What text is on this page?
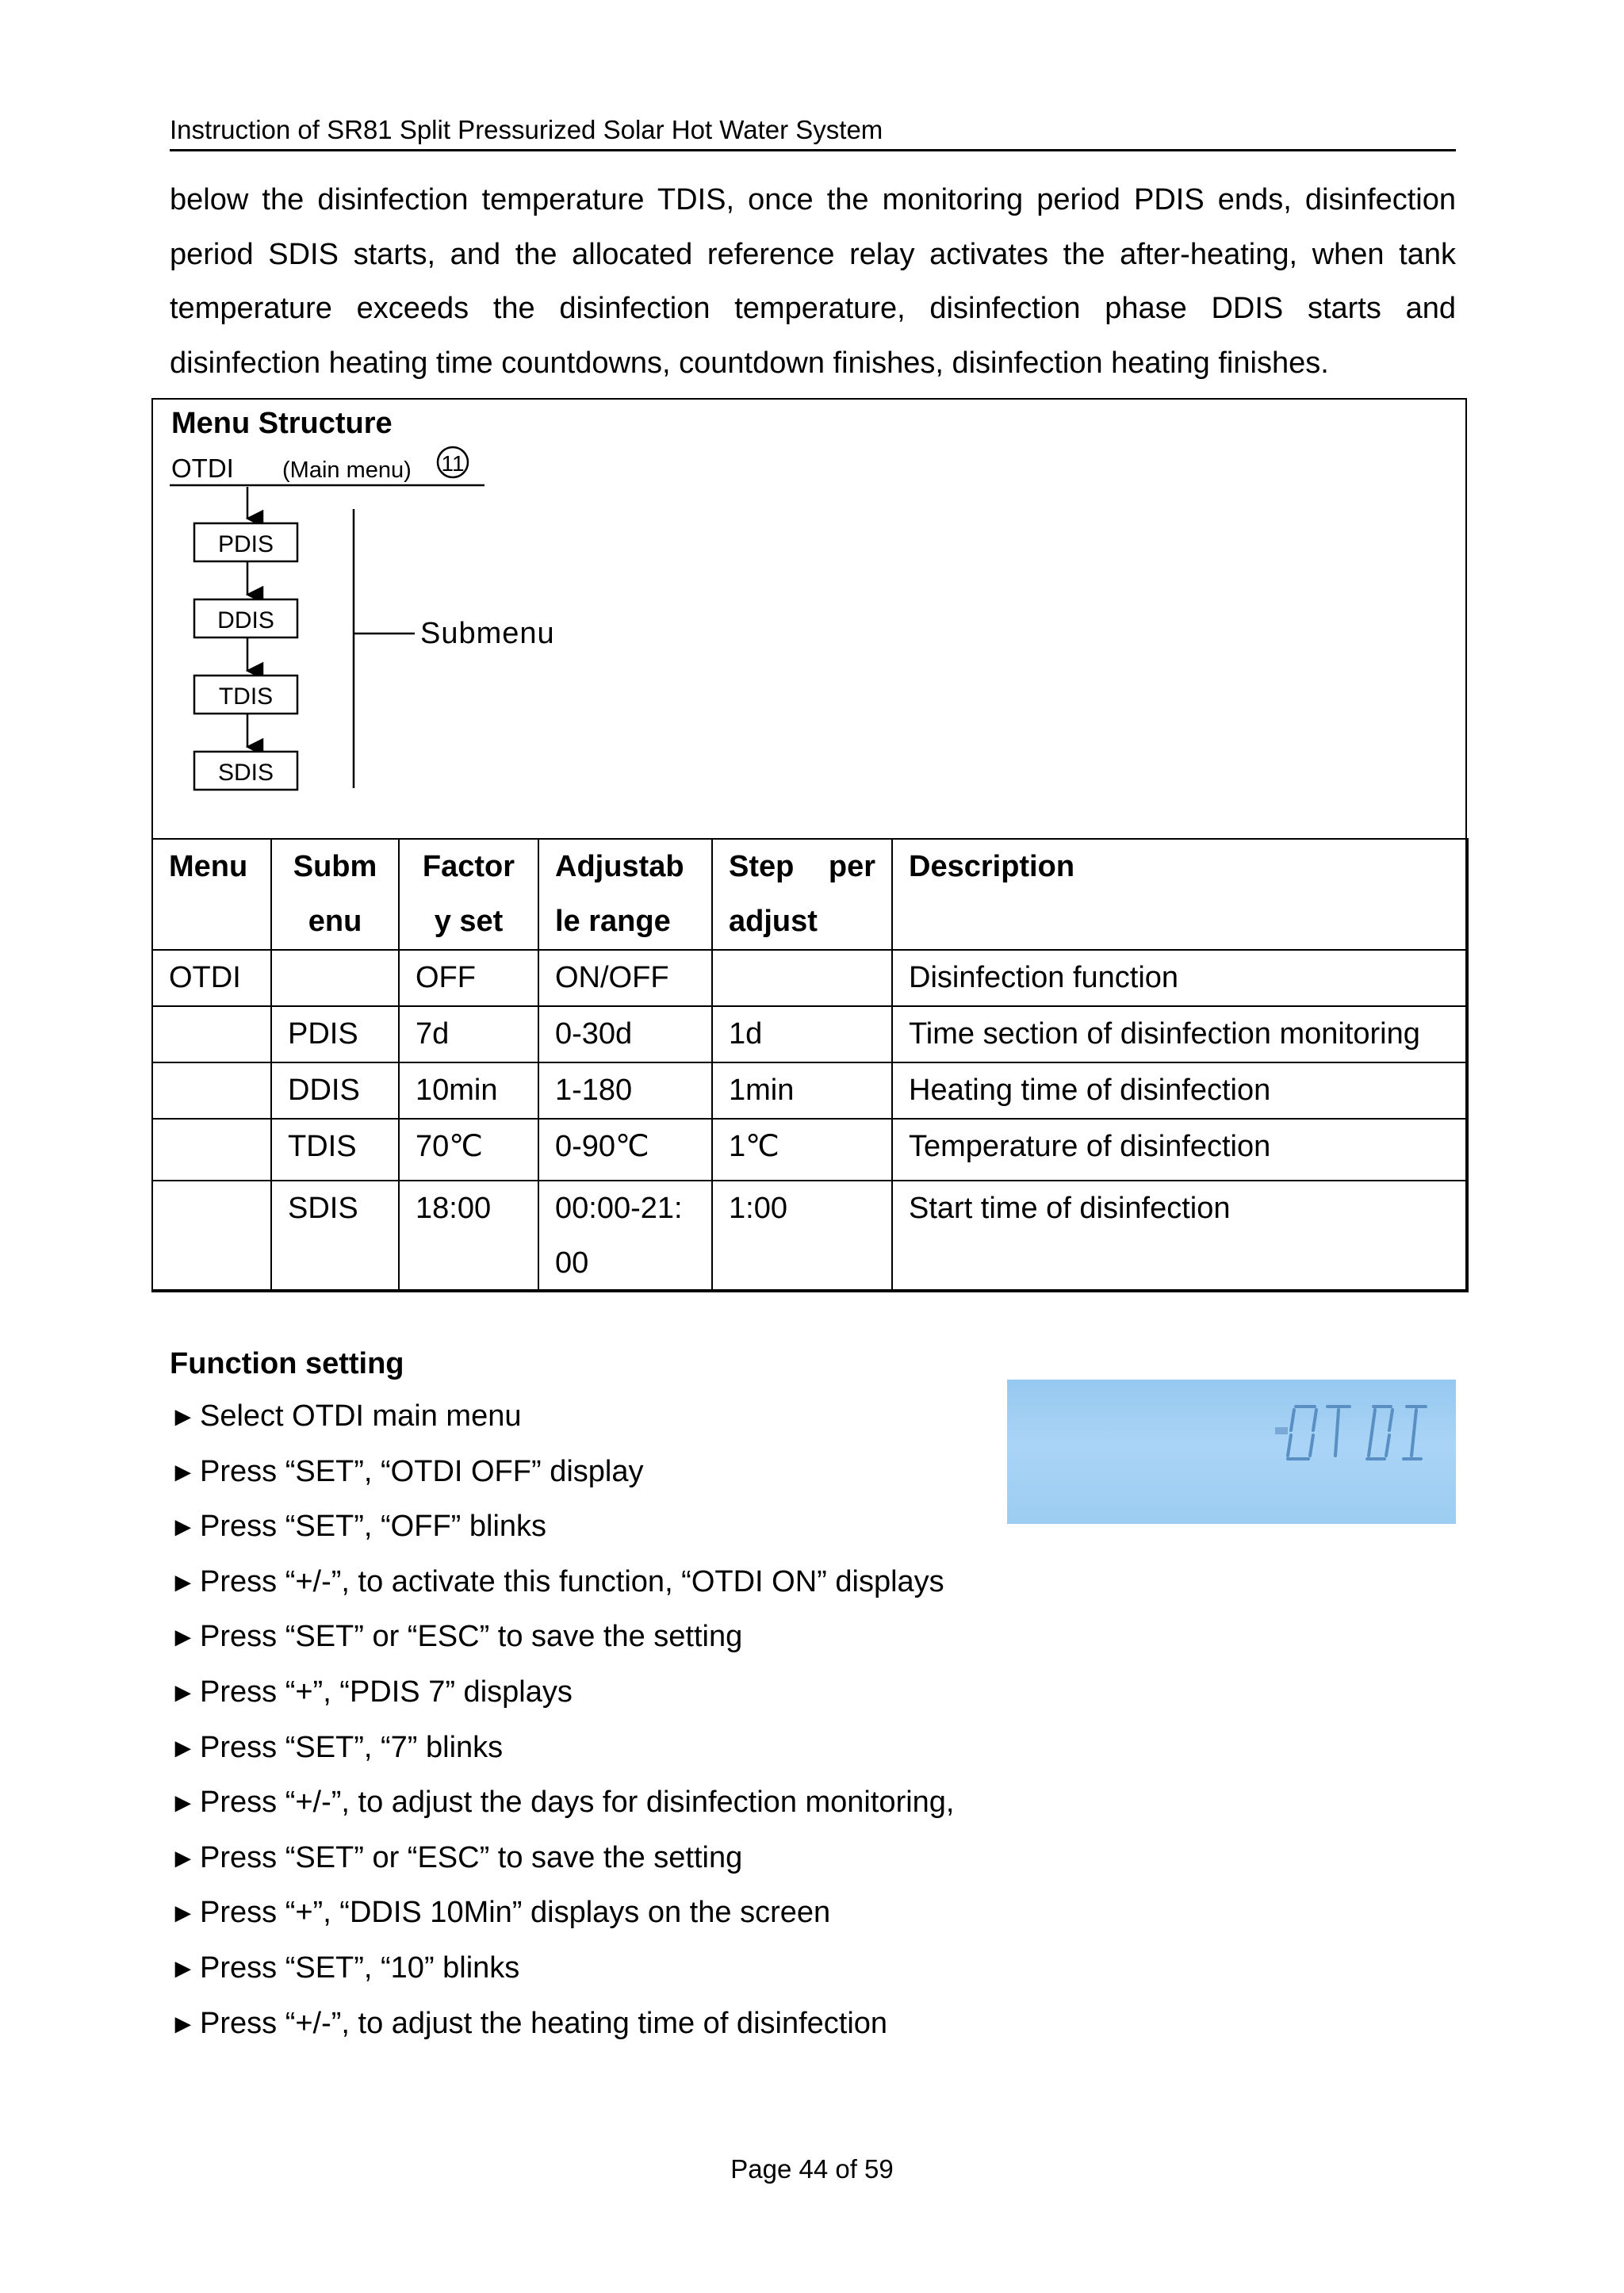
Instruction of SR81 Split Pressurized Solar Hot Water System

below the disinfection temperature TDIS, once the monitoring period PDIS ends, disinfection period SDIS starts, and the allocated reference relay activates the after-heating, when tank temperature exceeds the disinfection temperature, disinfection phase DDIS starts and disinfection heating time countdowns, countdown finishes, disinfection heating finishes.

Menu Structure
OTDI (Main menu) 11
PDIS
DDIS
TDIS
SDIS
Submenu
Menu	Subm enu	Factor y set	Adjustab le range	Step per adjust	Description
OTDI		OFF	ON/OFF		Disinfection function
	PDIS	7d	0-30d	1d	Time section of disinfection monitoring
	DDIS	10min	1-180	1min	Heating time of disinfection
	TDIS	70℃	0-90℃	1℃	Temperature of disinfection
	SDIS	18:00	00:00-21: 00	1:00	Start time of disinfection
Function setting
► Select OTDI main menu
► Press “SET”, “OTDI OFF” display
► Press “SET”, “OFF” blinks
► Press “+/-”, to activate this function, “OTDI ON” displays
► Press “SET” or “ESC” to save the setting
► Press “+”, “PDIS 7” displays
► Press “SET”, “7” blinks
► Press “+/-”, to adjust the days for disinfection monitoring,
► Press “SET” or “ESC” to save the setting
► Press “+”, “DDIS 10Min” displays on the screen
► Press “SET”, “10” blinks
► Press “+/-”, to adjust the heating time of disinfection
Page 44 of 59
